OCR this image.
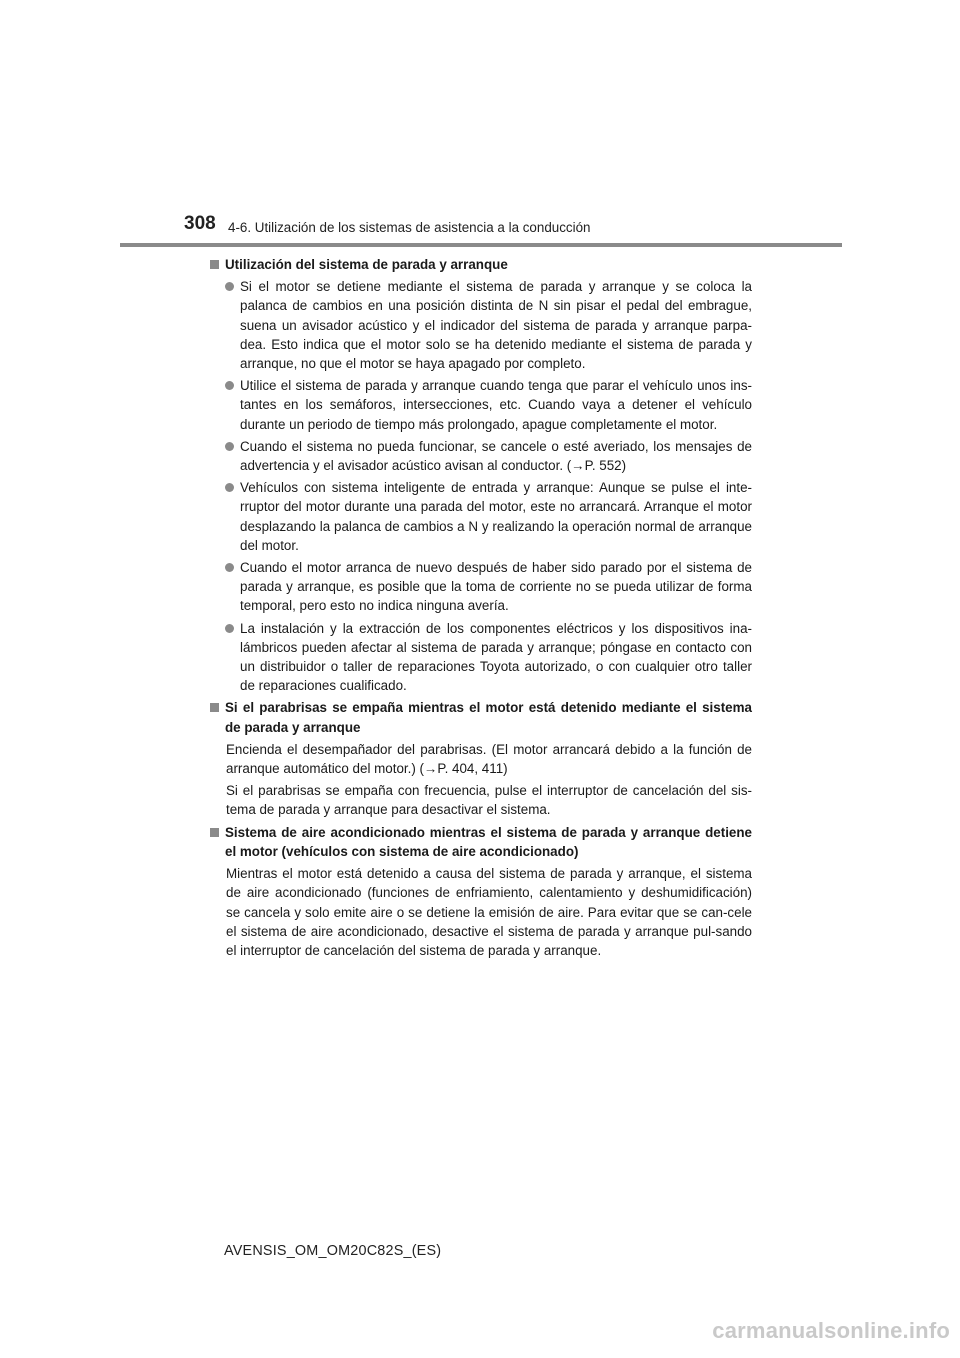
308 4-6. Utilización de los sistemas de asistencia a la conducción
Utilización del sistema de parada y arranque
Si el motor se detiene mediante el sistema de parada y arranque y se coloca la palanca de cambios en una posición distinta de N sin pisar el pedal del embrague, suena un avisador acústico y el indicador del sistema de parada y arranque parpa-dea. Esto indica que el motor solo se ha detenido mediante el sistema de parada y arranque, no que el motor se haya apagado por completo.
Utilice el sistema de parada y arranque cuando tenga que parar el vehículo unos ins-tantes en los semáforos, intersecciones, etc. Cuando vaya a detener el vehículo durante un periodo de tiempo más prolongado, apague completamente el motor.
Cuando el sistema no pueda funcionar, se cancele o esté averiado, los mensajes de advertencia y el avisador acústico avisan al conductor. (→P. 552)
Vehículos con sistema inteligente de entrada y arranque: Aunque se pulse el inte-rruptor del motor durante una parada del motor, este no arrancará. Arranque el motor desplazando la palanca de cambios a N y realizando la operación normal de arranque del motor.
Cuando el motor arranca de nuevo después de haber sido parado por el sistema de parada y arranque, es posible que la toma de corriente no se pueda utilizar de forma temporal, pero esto no indica ninguna avería.
La instalación y la extracción de los componentes eléctricos y los dispositivos ina-lámbricos pueden afectar al sistema de parada y arranque; póngase en contacto con un distribuidor o taller de reparaciones Toyota autorizado, o con cualquier otro taller de reparaciones cualificado.
Si el parabrisas se empaña mientras el motor está detenido mediante el sistema de parada y arranque
Encienda el desempañador del parabrisas. (El motor arrancará debido a la función de arranque automático del motor.) (→P. 404, 411)
Si el parabrisas se empaña con frecuencia, pulse el interruptor de cancelación del sis-tema de parada y arranque para desactivar el sistema.
Sistema de aire acondicionado mientras el sistema de parada y arranque detiene el motor (vehículos con sistema de aire acondicionado)
Mientras el motor está detenido a causa del sistema de parada y arranque, el sistema de aire acondicionado (funciones de enfriamiento, calentamiento y deshumidificación) se cancela y solo emite aire o se detiene la emisión de aire. Para evitar que se can-cele el sistema de aire acondicionado, desactive el sistema de parada y arranque pul-sando el interruptor de cancelación del sistema de parada y arranque.
AVENSIS_OM_OM20C82S_(ES)
carmanualsonline.info
